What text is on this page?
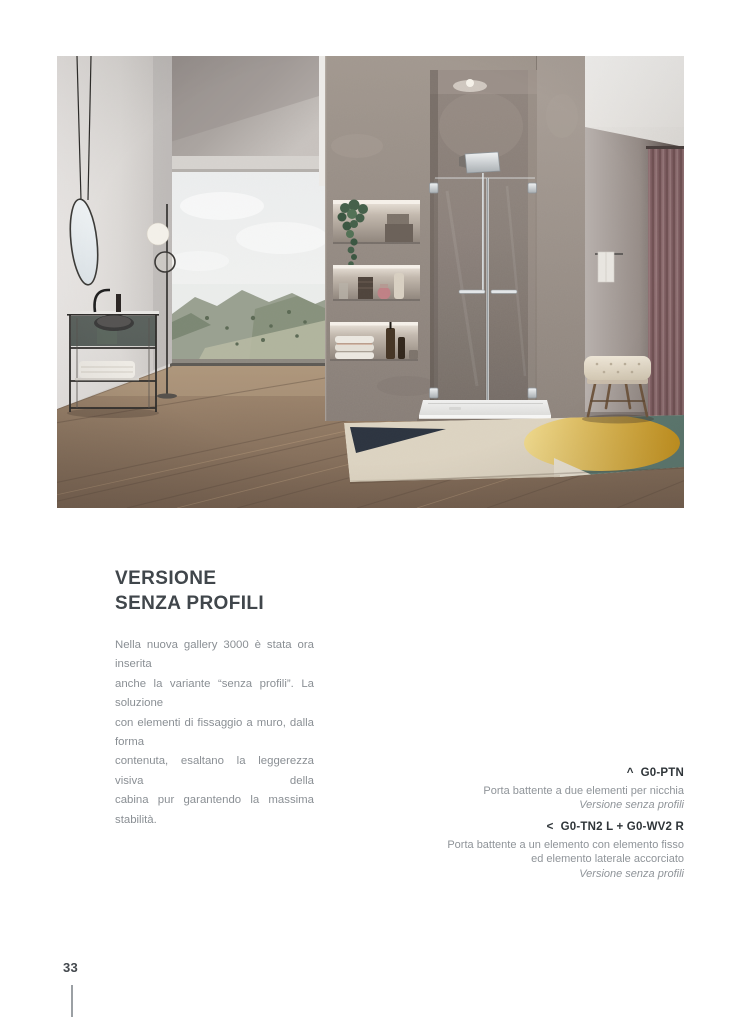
VERSIONE
SENZA PROFILI
Nella nuova gallery 3000 è stata ora inserita
anche la variante “senza profili”. La soluzione
con elementi di fissaggio a muro, dalla forma
contenuta, esaltano la leggerezza visiva della
cabina pur garantendo la massima stabilità.
^ G0-PTN
Porta battente a due elementi per nicchia
Versione senza profili
< G0-TN2 L + G0-WV2 R
Porta battente a un elemento con elemento fisso
ed elemento laterale accorciato
Versione senza profili
33
